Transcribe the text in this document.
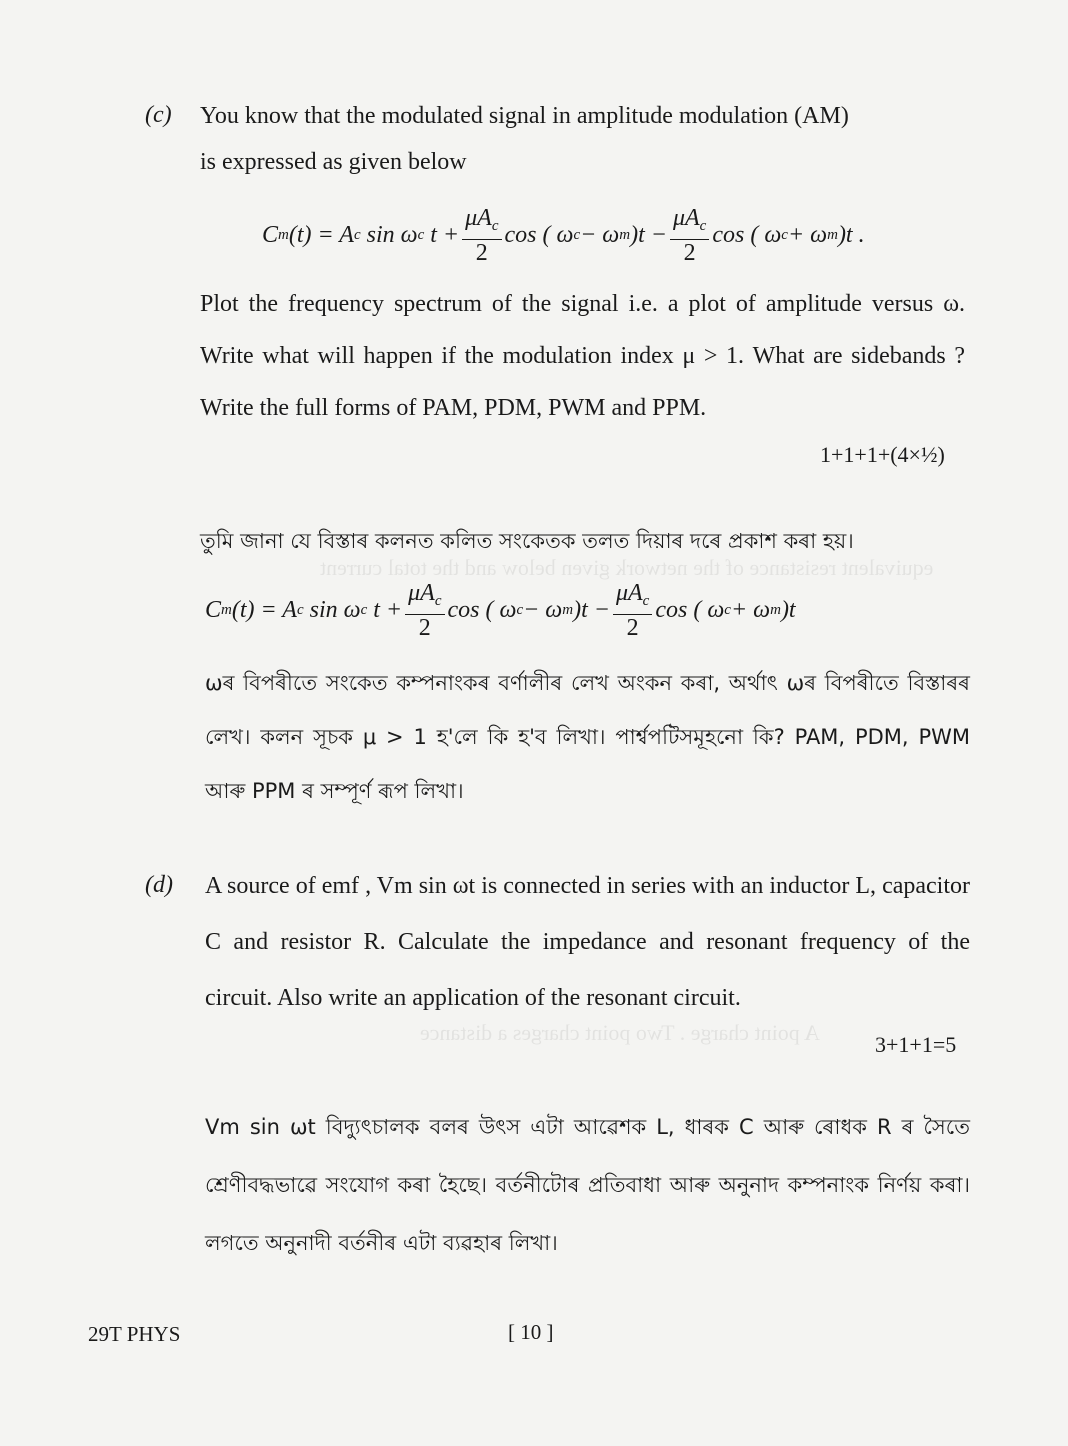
equivalent resistance of the network given below and the total current
A point charge . Two point charges a distance
(c) You know that the modulated signal in amplitude modulation (AM)
is expressed as given below
C m (t) = A c
sin ω c
$t + \frac{\mu A_c}{2}$ cos ( ω c − ω m )$t - \frac{\mu A_c}{2}$ cos ( ω c + ω m )t .
Plot the frequency spectrum of the signal i.e. a plot of amplitude versus ω. Write what will happen if the modulation index μ > 1. What are sidebands ? Write the full forms of PAM, PDM, PWM and PPM.
1+1+1+(4×½)
তুমি জানা যে বিস্তাৰ কলনত কলিত সংকেতক তলত দিয়াৰ দৰে প্ৰকাশ কৰা হয়।
C m (t) = A c
sin ω c
$t + \frac{\mu A_c}{2}$ cos ( ω c − ω m )$t - \frac{\mu A_c}{2}$ cos ( ω c + ω m )t
ωৰ বিপৰীতে সংকেত কম্পনাংকৰ বৰ্ণালীৰ লেখ অংকন কৰা, অৰ্থাৎ ωৰ বিপৰীতে বিস্তাৰৰ লেখ। কলন সূচক μ > 1 হ'লে কি হ'ব লিখা। পাৰ্শ্বপটিসমূহনো কি? PAM, PDM, PWM আৰু PPM ৰ সম্পূৰ্ণ ৰূপ লিখা।
(d) A source of emf , Vm sin ωt is connected in series with an inductor L, capacitor C and resistor R. Calculate the impedance and resonant frequency of the circuit. Also write an application of the resonant circuit.
3+1+1=5
Vm sin ωt বিদ্যুৎচালক বলৰ উৎস এটা আৱেশক L, ধাৰক C আৰু ৰোধক R ৰ সৈতে শ্ৰেণীবদ্ধভাৱে সংযোগ কৰা হৈছে। বৰ্তনীটোৰ প্ৰতিবাধা আৰু অনুনাদ কম্পনাংক নিৰ্ণয় কৰা। লগতে অনুনাদী বৰ্তনীৰ এটা ব্যৱহাৰ লিখা।
29T PHYS	[ 10 ]
